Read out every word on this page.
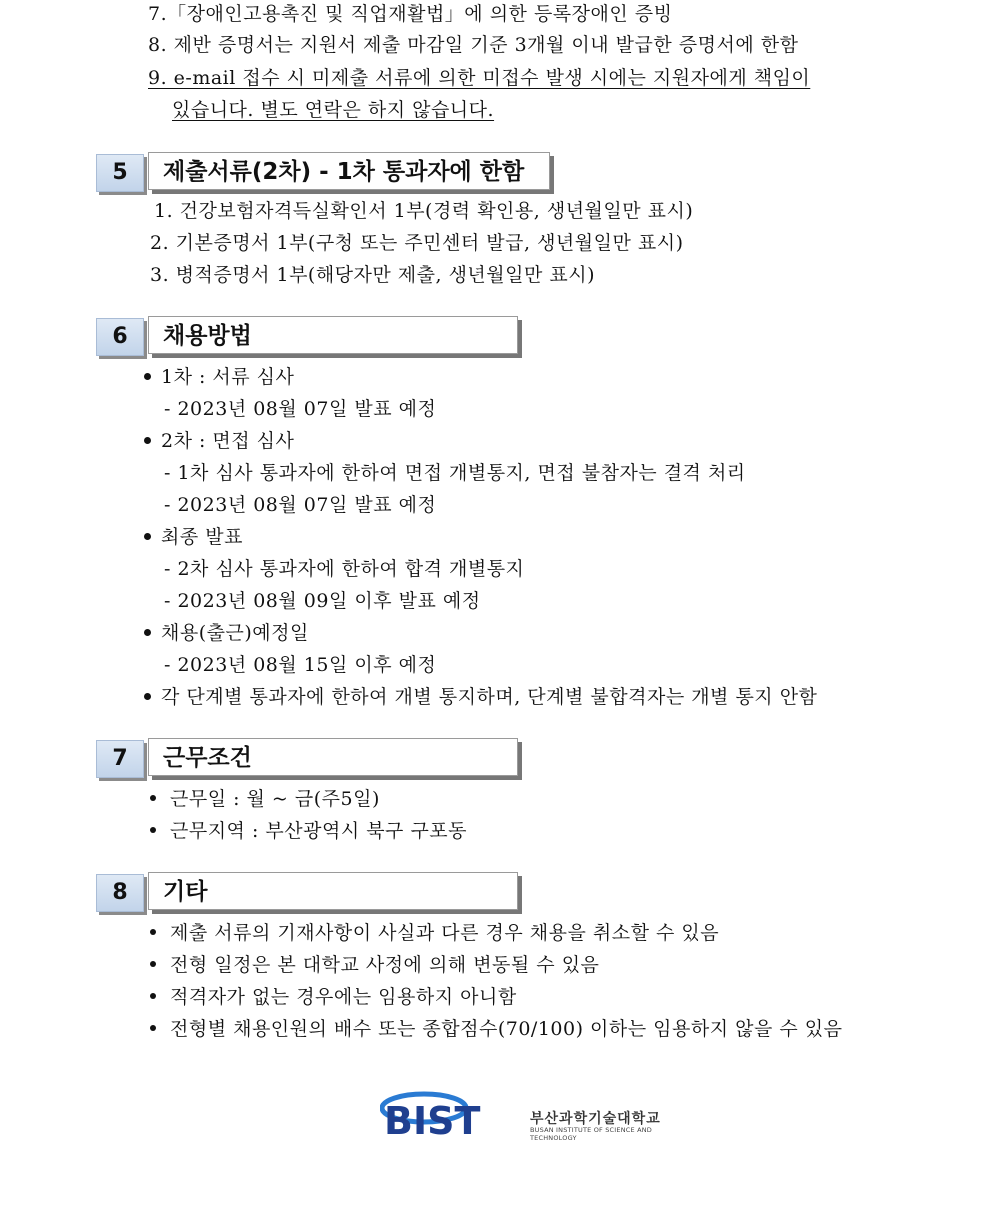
7.「장애인고용촉진 및 직업재활법」에 의한 등록장애인 증빙
8. 제반 증명서는 지원서 제출 마감일 기준 3개월 이내 발급한 증명서에 한함
9. e-mail 접수 시 미제출 서류에 의한 미접수 발생 시에는 지원자에게 책임이
있습니다. 별도 연락은 하지 않습니다.
5	제출서류(2차) - 1차 통과자에 한함
1. 건강보험자격득실확인서 1부(경력 확인용, 생년월일만 표시)
2. 기본증명서 1부(구청 또는 주민센터 발급, 생년월일만 표시)
3. 병적증명서 1부(해당자만 제출, 생년월일만 표시)
6	채용방법
1차 : 서류 심사
- 2023년 08월 07일 발표 예정
2차 : 면접 심사
- 1차 심사 통과자에 한하여 면접 개별통지, 면접 불참자는 결격 처리
- 2023년 08월 07일 발표 예정
최종 발표
- 2차 심사 통과자에 한하여 합격 개별통지
- 2023년 08월 09일 이후 발표 예정
채용(출근)예정일
- 2023년 08월 15일 이후 예정
각 단계별 통과자에 한하여 개별 통지하며, 단계별 불합격자는 개별 통지 안함
7	근무조건
근무일 : 월 ~ 금(주5일)
근무지역 : 부산광역시 북구 구포동
8	기타
제출 서류의 기재사항이 사실과 다른 경우 채용을 취소할 수 있음
전형 일정은 본 대학교 사정에 의해 변동될 수 있음
적격자가 없는 경우에는 임용하지 아니함
전형별 채용인원의 배수 또는 종합점수(70/100) 이하는 임용하지 않을 수 있음
BIST	부산과학기술대학교
BUSAN INSTITUTE OF SCIENCE AND TECHNOLOGY
